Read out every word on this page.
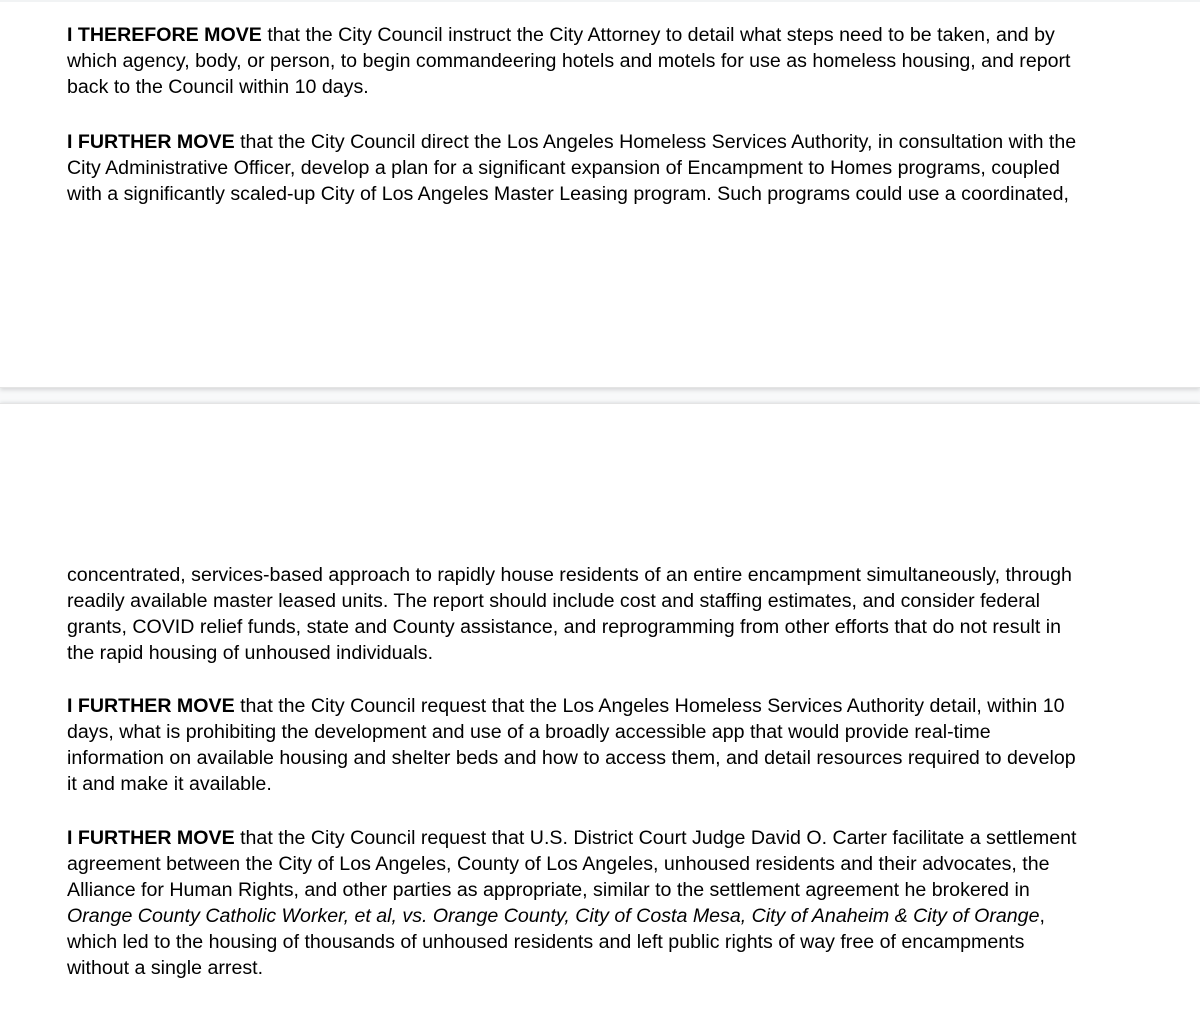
I THEREFORE MOVE that the City Council instruct the City Attorney to detail what steps need to be taken, and by
which agency, body, or person, to begin commandeering hotels and motels for use as homeless housing, and report
back to the Council within 10 days.

I FURTHER MOVE that the City Council direct the Los Angeles Homeless Services Authority, in consultation with the
City Administrative Officer, develop a plan for a significant expansion of Encampment to Homes programs, coupled
with a significantly scaled-up City of Los Angeles Master Leasing program. Such programs could use a coordinated,

concentrated, services-based approach to rapidly house residents of an entire encampment simultaneously, through
readily available master leased units. The report should include cost and staffing estimates, and consider federal
grants, COVID relief funds, state and County assistance, and reprogramming from other efforts that do not result in
the rapid housing of unhoused individuals.

I FURTHER MOVE that the City Council request that the Los Angeles Homeless Services Authority detail, within 10
days, what is prohibiting the development and use of a broadly accessible app that would provide real-time
information on available housing and shelter beds and how to access them, and detail resources required to develop
it and make it available.

I FURTHER MOVE that the City Council request that U.S. District Court Judge David O. Carter facilitate a settlement
agreement between the City of Los Angeles, County of Los Angeles, unhoused residents and their advocates, the
Alliance for Human Rights, and other parties as appropriate, similar to the settlement agreement he brokered in
Orange County Catholic Worker, et al, vs. Orange County, City of Costa Mesa, City of Anaheim & City of Orange,
which led to the housing of thousands of unhoused residents and left public rights of way free of encampments
without a single arrest.
